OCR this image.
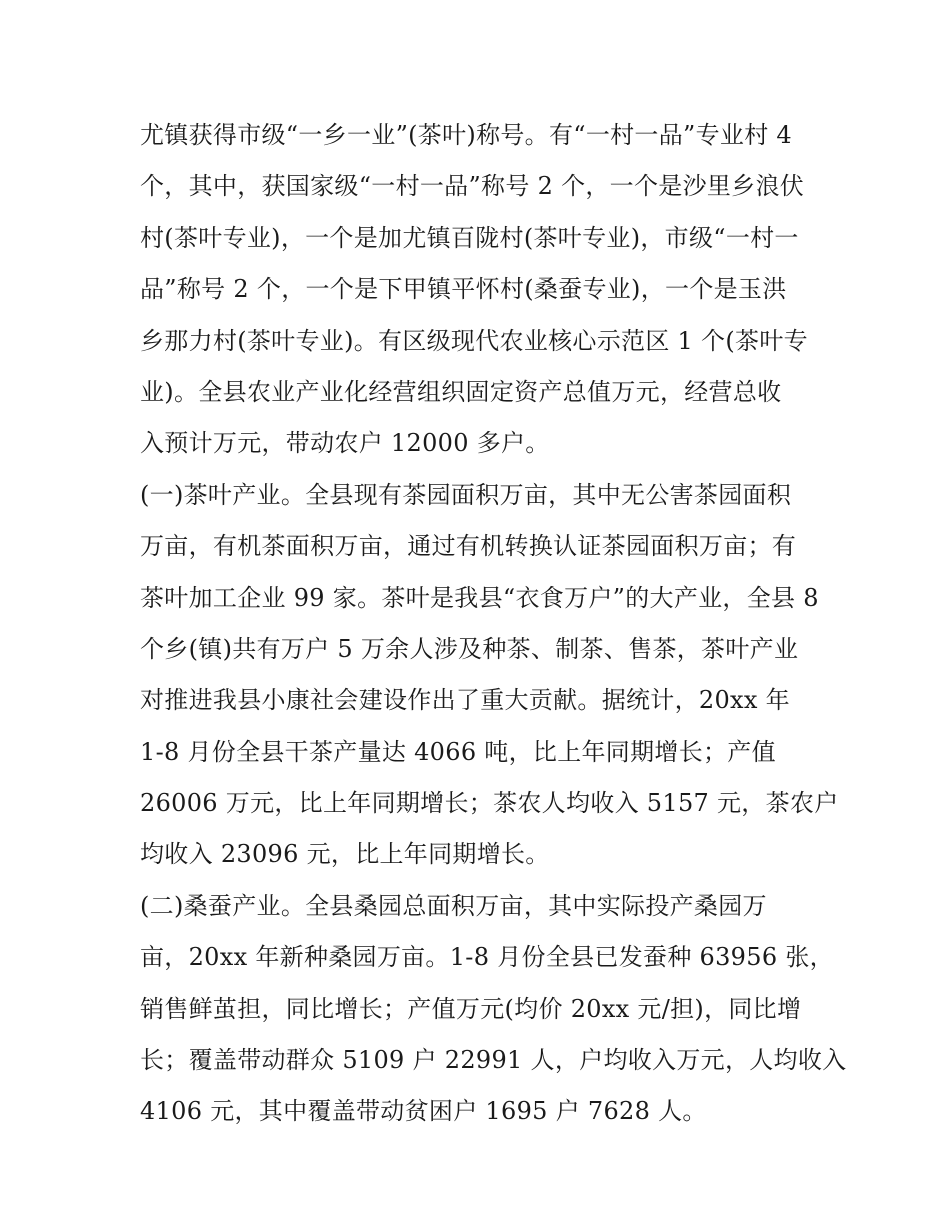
尤镇获得市级“一乡一业”(茶叶)称号。有“一村一品”专业村 4
个，其中，获国家级“一村一品”称号 2 个，一个是沙里乡浪伏
村(茶叶专业)，一个是加尤镇百陇村(茶叶专业)，市级“一村一
品”称号 2 个，一个是下甲镇平怀村(桑蚕专业)，一个是玉洪
乡那力村(茶叶专业)。有区级现代农业核心示范区 1 个(茶叶专
业)。全县农业产业化经营组织固定资产总值万元，经营总收
入预计万元，带动农户 12000 多户。
(一)茶叶产业。全县现有茶园面积万亩，其中无公害茶园面积
万亩，有机茶面积万亩，通过有机转换认证茶园面积万亩；有
茶叶加工企业 99 家。茶叶是我县“衣食万户”的大产业，全县 8
个乡(镇)共有万户 5 万余人涉及种茶、制茶、售茶，茶叶产业
对推进我县小康社会建设作出了重大贡献。据统计，20xx 年
1-8 月份全县干茶产量达 4066 吨，比上年同期增长；产值
26006 万元，比上年同期增长；茶农人均收入 5157 元，茶农户
均收入 23096 元，比上年同期增长。
(二)桑蚕产业。全县桑园总面积万亩，其中实际投产桑园万
亩，20xx 年新种桑园万亩。1-8 月份全县已发蚕种 63956 张，
销售鲜茧担，同比增长；产值万元(均价 20xx 元/担)，同比增
长；覆盖带动群众 5109 户 22991 人，户均收入万元，人均收入
4106 元，其中覆盖带动贫困户 1695 户 7628 人。
